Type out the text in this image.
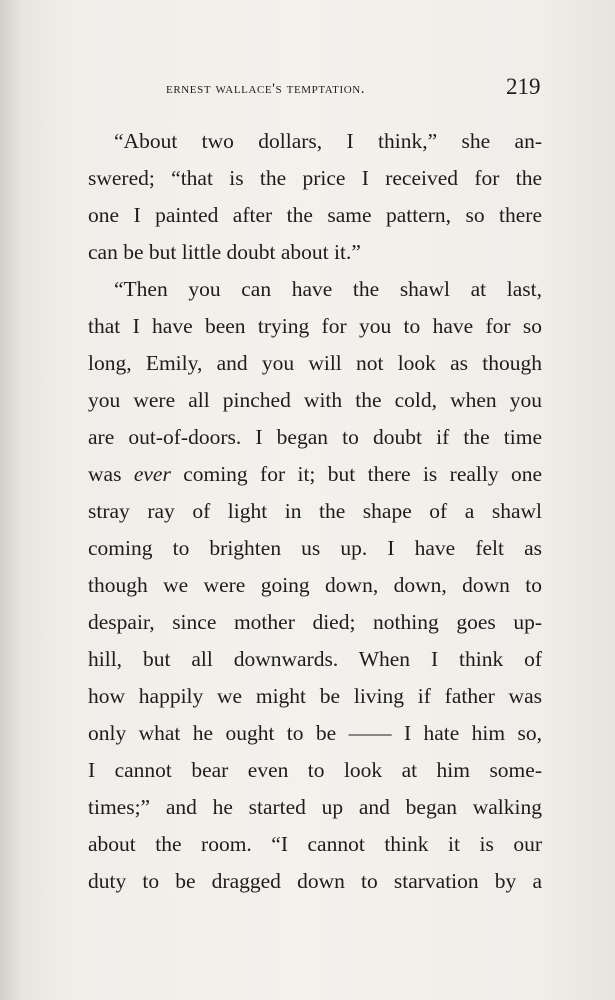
ernest wallace's temptation.	219
“About two dollars, I think,” she an-
swered; “that is the price I received for the
one I painted after the same pattern, so there
can be but little doubt about it.”
“Then you can have the shawl at last,
that I have been trying for you to have for so
long, Emily, and you will not look as though
you were all pinched with the cold, when you
are out-of-doors. I began to doubt if the time
was ever coming for it; but there is really one
stray ray of light in the shape of a shawl
coming to brighten us up. I have felt as
though we were going down, down, down to
despair, since mother died; nothing goes up-
hill, but all downwards. When I think of
how happily we might be living if father was
only what he ought to be —— I hate him so,
I cannot bear even to look at him some-
times;” and he started up and began walking
about the room. “I cannot think it is our
duty to be dragged down to starvation by a
